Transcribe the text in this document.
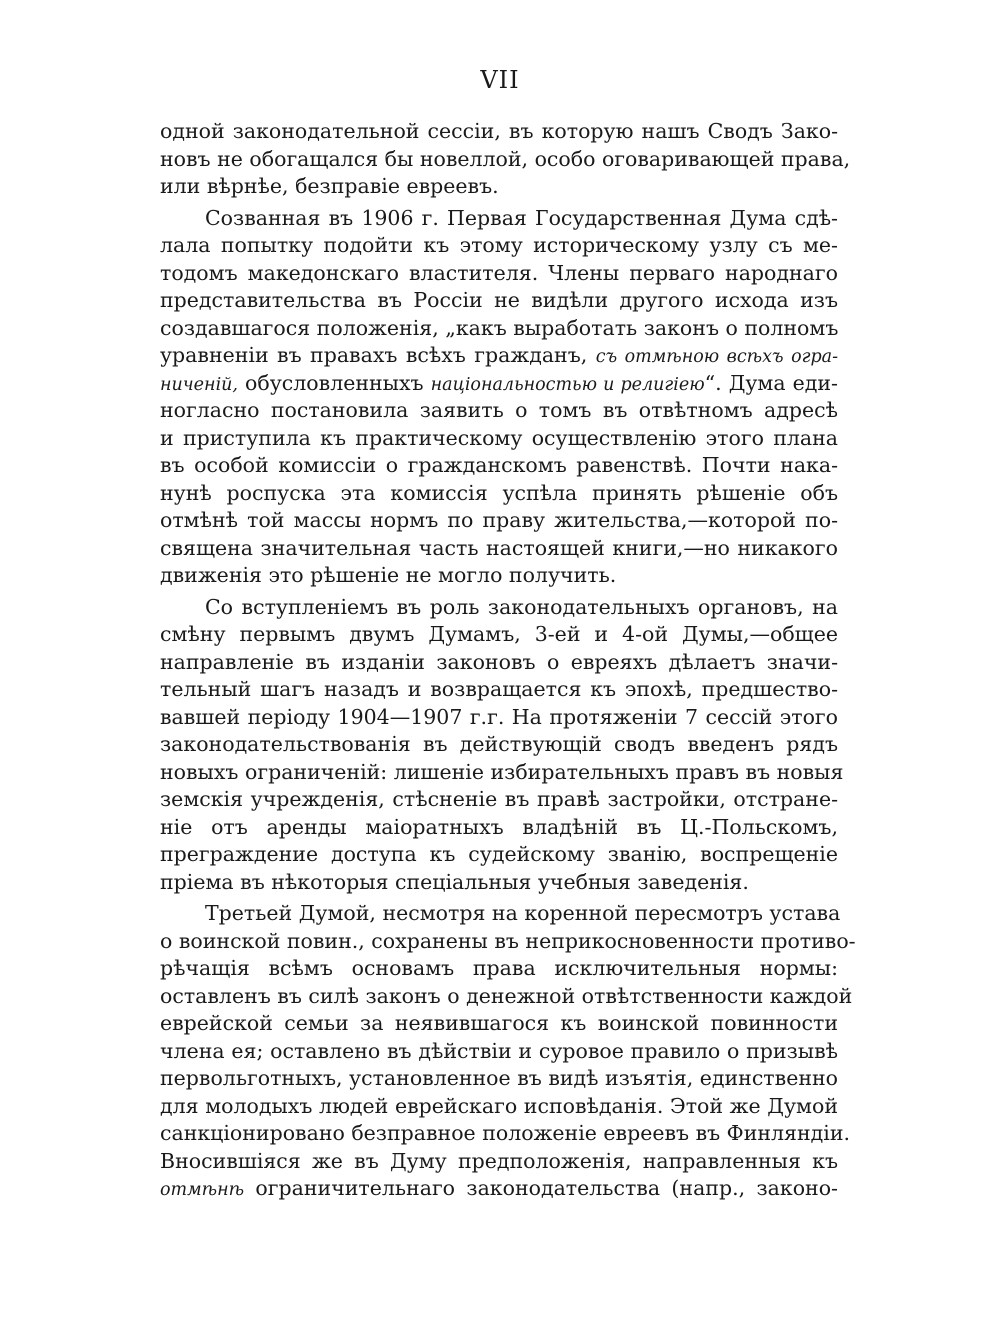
VII
одной законодательной сессіи, въ которую нашъ Сводъ Зако-
новъ не обогащался бы новеллой, особо оговаривающей права,
или вѣрнѣе, безправіе евреевъ.
Созванная въ 1906 г. Первая Государственная Дума сдѣ-
лала попытку подойти къ этому историческому узлу съ ме-
тодомъ македонскаго властителя. Члены перваго народнаго
представительства въ Россіи не видѣли другого исхода изъ
создавшагося положенія, „какъ выработать законъ о полномъ
уравненіи въ правахъ всѣхъ гражданъ, съ отмѣною всѣхъ огра-
ниченій, обусловленныхъ національностью и религіею“. Дума еди-
ногласно постановила заявить о томъ въ отвѣтномъ адресѣ
и приступила къ практическому осуществленію этого плана
въ особой комиссіи о гражданскомъ равенствѣ. Почти нака-
нунѣ роспуска эта комиссія успѣла принять рѣшеніе объ
отмѣнѣ той массы нормъ по праву жительства,—которой по-
священа значительная часть настоящей книги,—но никакого
движенія это рѣшеніе не могло получить.
Со вступленіемъ въ роль законодательныхъ органовъ, на
смѣну первымъ двумъ Думамъ, 3-ей и 4-ой Думы,—общее
направленіе въ изданіи законовъ о евреяхъ дѣлаетъ значи-
тельный шагъ назадъ и возвращается къ эпохѣ, предшество-
вавшей періоду 1904—1907 г.г. На протяженіи 7 сессій этого
законодательствованія въ действующій сводъ введенъ рядъ
новыхъ ограниченій: лишеніе избирательныхъ правъ въ новыя
земскія учрежденія, стѣсненіе въ правѣ застройки, отстране-
ніе отъ аренды маіоратныхъ владѣній въ Ц.-Польскомъ,
преграждение доступа къ судейскому званію, воспрещеніе
пріема въ нѣкоторыя спеціальныя учебныя заведенія.
Третьей Думой, несмотря на коренной пересмотръ устава
о воинской повин., сохранены въ неприкосновенности противо-
рѣчащія всѣмъ основамъ права исключительныя нормы:
оставленъ въ силѣ законъ о денежной отвѣтственности каждой
еврейской семьи за неявившагося къ воинской повинности
члена ея; оставлено въ дѣйствіи и суровое правило о призывѣ
первольготныхъ, установленное въ видѣ изъятія, единственно
для молодыхъ людей еврейскаго исповѣданія. Этой же Думой
санкціонировано безправное положеніе евреевъ въ Финляндіи.
Вносившіяся же въ Думу предположенія, направленныя къ
отмѣнѣ ограничительнаго законодательства (напр., законо-
